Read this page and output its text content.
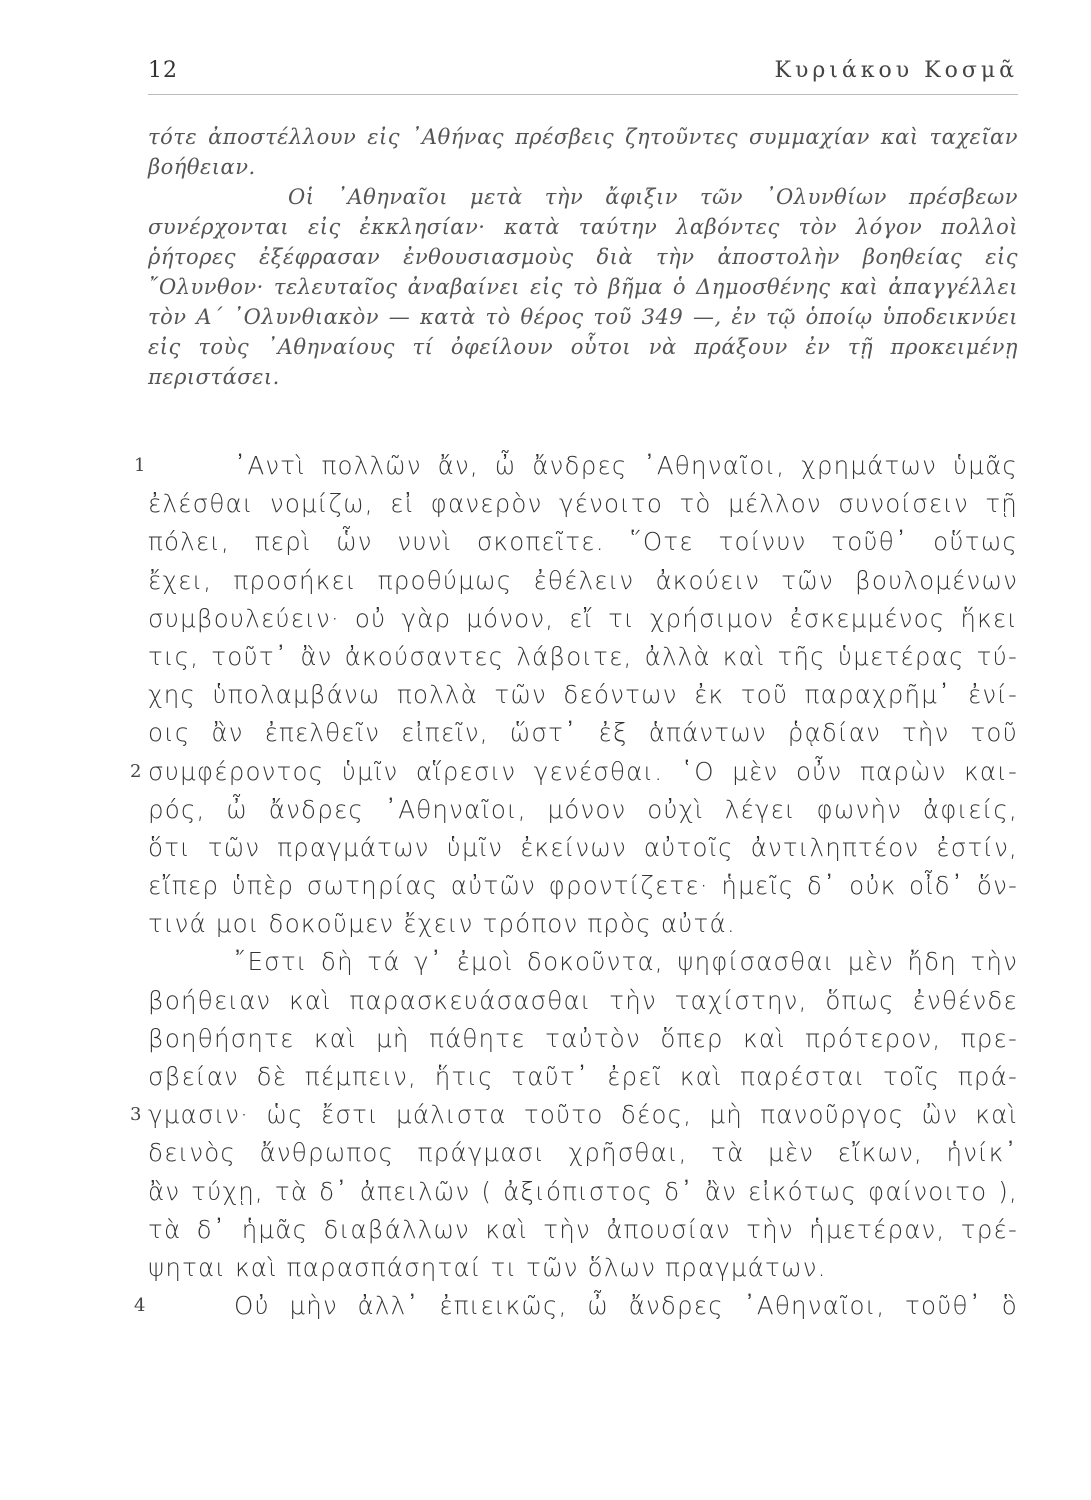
12	Κυριάκου Κοσμᾶ

τότε ἀποστέλλουν εἰς ᾿Αθήνας πρέσβεις ζητοῦντες συμμαχίαν καὶ ταχεῖαν βοήθειαν.

Οἱ ᾿Αθηναῖοι μετὰ τὴν ἄφιξιν τῶν ᾿Ολυνθίων πρέσβεων συνέρχονται εἰς ἐκκλησίαν· κατὰ ταύτην λαβόντες τὸν λόγον πολλοὶ ῥήτορες ἐξέφρασαν ἐνθουσιασμοὺς διὰ τὴν ἀποστολὴν βοηθείας εἰς ῎Ολυνθον· τελευταῖος ἀναβαίνει εἰς τὸ βῆμα ὁ Δημοσθένης καὶ ἀπαγγέλλει τὸν Α΄ ᾿Ολυνθιακὸν — κατὰ τὸ θέρος τοῦ 349 —, ἐν τῷ ὁποίῳ ὑποδεικνύει εἰς τοὺς ᾿Αθηναίους τί ὀφείλουν οὗτοι νὰ πράξουν ἐν τῇ προκειμένῃ περιστάσει.

1	᾿Αντὶ πολλῶν ἄν, ὦ ἄνδρες ᾿Αθηναῖοι, χρημάτων ὑμᾶς
ἐλέσθαι νομίζω, εἰ φανερὸν γένοιτο τὸ μέλλον συνοίσειν τῇ
πόλει, περὶ ὧν νυνὶ σκοπεῖτε. ῞Οτε τοίνυν τοῦθ᾿ οὕτως
ἔχει, προσήκει προθύμως ἐθέλειν ἀκούειν τῶν βουλομένων
συμβουλεύειν· οὐ γὰρ μόνον, εἴ τι χρήσιμον ἐσκεμμένος ἥκει
τις, τοῦτ᾿ ἂν ἀκούσαντες λάβοιτε, ἀλλὰ καὶ τῆς ὑμετέρας τύ-
χης ὑπολαμβάνω πολλὰ τῶν δεόντων ἐκ τοῦ παραχρῆμ᾿ ἐνί-
οις ἂν ἐπελθεῖν εἰπεῖν, ὥστ᾿ ἐξ ἁπάντων ῥᾳδίαν τὴν τοῦ
2 συμφέροντος ὑμῖν αἵρεσιν γενέσθαι. ῾Ο μὲν οὖν παρὼν και-
ρός, ὦ ἄνδρες ᾿Αθηναῖοι, μόνον οὐχὶ λέγει φωνὴν ἀφιείς,
ὅτι τῶν πραγμάτων ὑμῖν ἐκείνων αὐτοῖς ἀντιληπτέον ἐστίν,
εἴπερ ὑπὲρ σωτηρίας αὐτῶν φροντίζετε· ἡμεῖς δ᾿ οὐκ οἶδ᾿ ὅν-
τινά μοι δοκοῦμεν ἔχειν τρόπον πρὸς αὐτά.
῎Εστι δὴ τά γ᾿ ἐμοὶ δοκοῦντα, ψηφίσασθαι μὲν ἤδη τὴν
βοήθειαν καὶ παρασκευάσασθαι τὴν ταχίστην, ὅπως ἐνθένδε
βοηθήσητε καὶ μὴ πάθητε ταὐτὸν ὅπερ καὶ πρότερον, πρε-
σβείαν δὲ πέμπειν, ἥτις ταῦτ᾿ ἐρεῖ καὶ παρέσται τοῖς πρά-
3 γμασιν· ὡς ἔστι μάλιστα τοῦτο δέος, μὴ πανοῦργος ὢν καὶ
δεινὸς ἄνθρωπος πράγμασι χρῆσθαι, τὰ μὲν εἴκων, ἡνίκ᾿
ἂν τύχῃ, τὰ δ᾿ ἀπειλῶν ( ἀξιόπιστος δ᾿ ἂν εἰκότως φαίνοιτο ),
τὰ δ᾿ ἡμᾶς διαβάλλων καὶ τὴν ἀπουσίαν τὴν ἡμετέραν, τρέ-
ψηται καὶ παρασπάσηταί τι τῶν ὅλων πραγμάτων.
4	Οὐ μὴν ἀλλ᾿ ἐπιεικῶς, ὦ ἄνδρες ᾿Αθηναῖοι, τοῦθ᾿ ὃ
